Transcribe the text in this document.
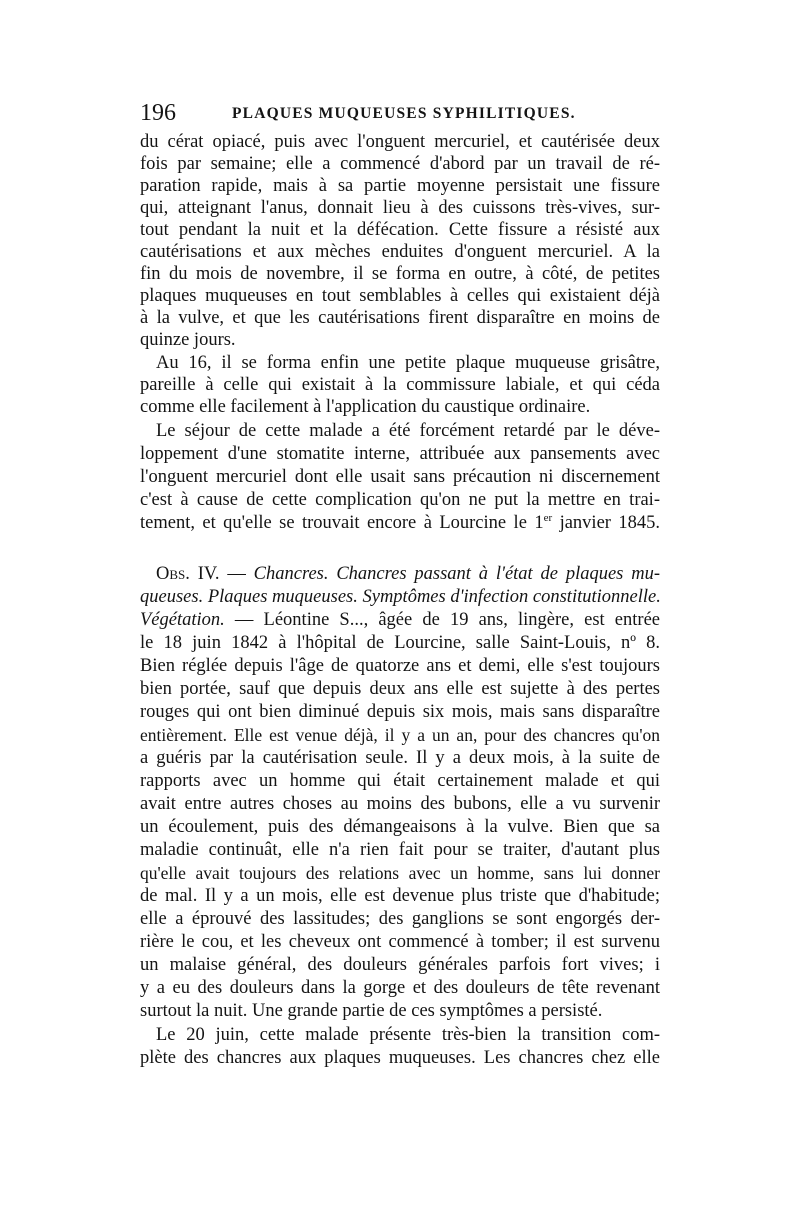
196	PLAQUES MUQUEUSES SYPHILITIQUES.
du cérat opiacé, puis avec l'onguent mercuriel, et cautérisée deux
fois par semaine; elle a commencé d'abord par un travail de ré-
paration rapide, mais à sa partie moyenne persistait une fissure
qui, atteignant l'anus, donnait lieu à des cuissons très-vives, sur-
tout pendant la nuit et la défécation. Cette fissure a résisté aux
cautérisations et aux mèches enduites d'onguent mercuriel. A la
fin du mois de novembre, il se forma en outre, à côté, de petites
plaques muqueuses en tout semblables à celles qui existaient déjà
à la vulve, et que les cautérisations firent disparaître en moins de
quinze jours.
Au 16, il se forma enfin une petite plaque muqueuse grisâtre,
pareille à celle qui existait à la commissure labiale, et qui céda
comme elle facilement à l'application du caustique ordinaire.
Le séjour de cette malade a été forcément retardé par le déve-
loppement d'une stomatite interne, attribuée aux pansements avec
l'onguent mercuriel dont elle usait sans précaution ni discernement
c'est à cause de cette complication qu'on ne put la mettre en trai-
tement, et qu'elle se trouvait encore à Lourcine le 1er janvier 1845.
Obs. IV. — Chancres. Chancres passant à l'état de plaques mu-
queuses. Plaques muqueuses. Symptômes d'infection constitutionnelle.
Végétation. — Léontine S..., âgée de 19 ans, lingère, est entrée
le 18 juin 1842 à l'hôpital de Lourcine, salle Saint-Louis, nº 8.
Bien réglée depuis l'âge de quatorze ans et demi, elle s'est toujours
bien portée, sauf que depuis deux ans elle est sujette à des pertes
rouges qui ont bien diminué depuis six mois, mais sans disparaître
entièrement. Elle est venue déjà, il y a un an, pour des chancres qu'on
a guéris par la cautérisation seule. Il y a deux mois, à la suite de
rapports avec un homme qui était certainement malade et qui
avait entre autres choses au moins des bubons, elle a vu survenir
un écoulement, puis des démangeaisons à la vulve. Bien que sa
maladie continuât, elle n'a rien fait pour se traiter, d'autant plus
qu'elle avait toujours des relations avec un homme, sans lui donner
de mal. Il y a un mois, elle est devenue plus triste que d'habitude;
elle a éprouvé des lassitudes; des ganglions se sont engorgés der-
rière le cou, et les cheveux ont commencé à tomber; il est survenu
un malaise général, des douleurs générales parfois fort vives; i
y a eu des douleurs dans la gorge et des douleurs de tête revenant
surtout la nuit. Une grande partie de ces symptômes a persisté.
Le 20 juin, cette malade présente très-bien la transition com-
plète des chancres aux plaques muqueuses. Les chancres chez elle
